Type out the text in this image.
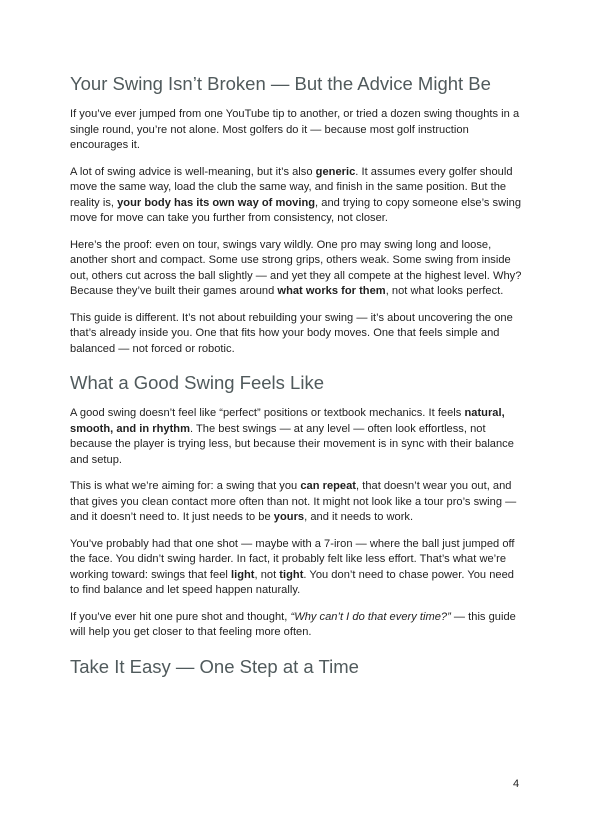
Your Swing Isn’t Broken — But the Advice Might Be

If you’ve ever jumped from one YouTube tip to another, or tried a dozen swing thoughts in a single round, you’re not alone. Most golfers do it — because most golf instruction encourages it.

A lot of swing advice is well-meaning, but it’s also generic. It assumes every golfer should move the same way, load the club the same way, and finish in the same position. But the reality is, your body has its own way of moving, and trying to copy someone else’s swing move for move can take you further from consistency, not closer.

Here’s the proof: even on tour, swings vary wildly. One pro may swing long and loose, another short and compact. Some use strong grips, others weak. Some swing from inside out, others cut across the ball slightly — and yet they all compete at the highest level. Why? Because they’ve built their games around what works for them, not what looks perfect.

This guide is different. It’s not about rebuilding your swing — it’s about uncovering the one that’s already inside you. One that fits how your body moves. One that feels simple and balanced — not forced or robotic.

What a Good Swing Feels Like

A good swing doesn’t feel like “perfect” positions or textbook mechanics. It feels natural, smooth, and in rhythm. The best swings — at any level — often look effortless, not because the player is trying less, but because their movement is in sync with their balance and setup.

This is what we’re aiming for: a swing that you can repeat, that doesn’t wear you out, and that gives you clean contact more often than not. It might not look like a tour pro’s swing — and it doesn’t need to. It just needs to be yours, and it needs to work.

You’ve probably had that one shot — maybe with a 7-iron — where the ball just jumped off the face. You didn’t swing harder. In fact, it probably felt like less effort. That’s what we’re working toward: swings that feel light, not tight. You don’t need to chase power. You need to find balance and let speed happen naturally.

If you’ve ever hit one pure shot and thought, “Why can’t I do that every time?” — this guide will help you get closer to that feeling more often.

Take It Easy — One Step at a Time
4
